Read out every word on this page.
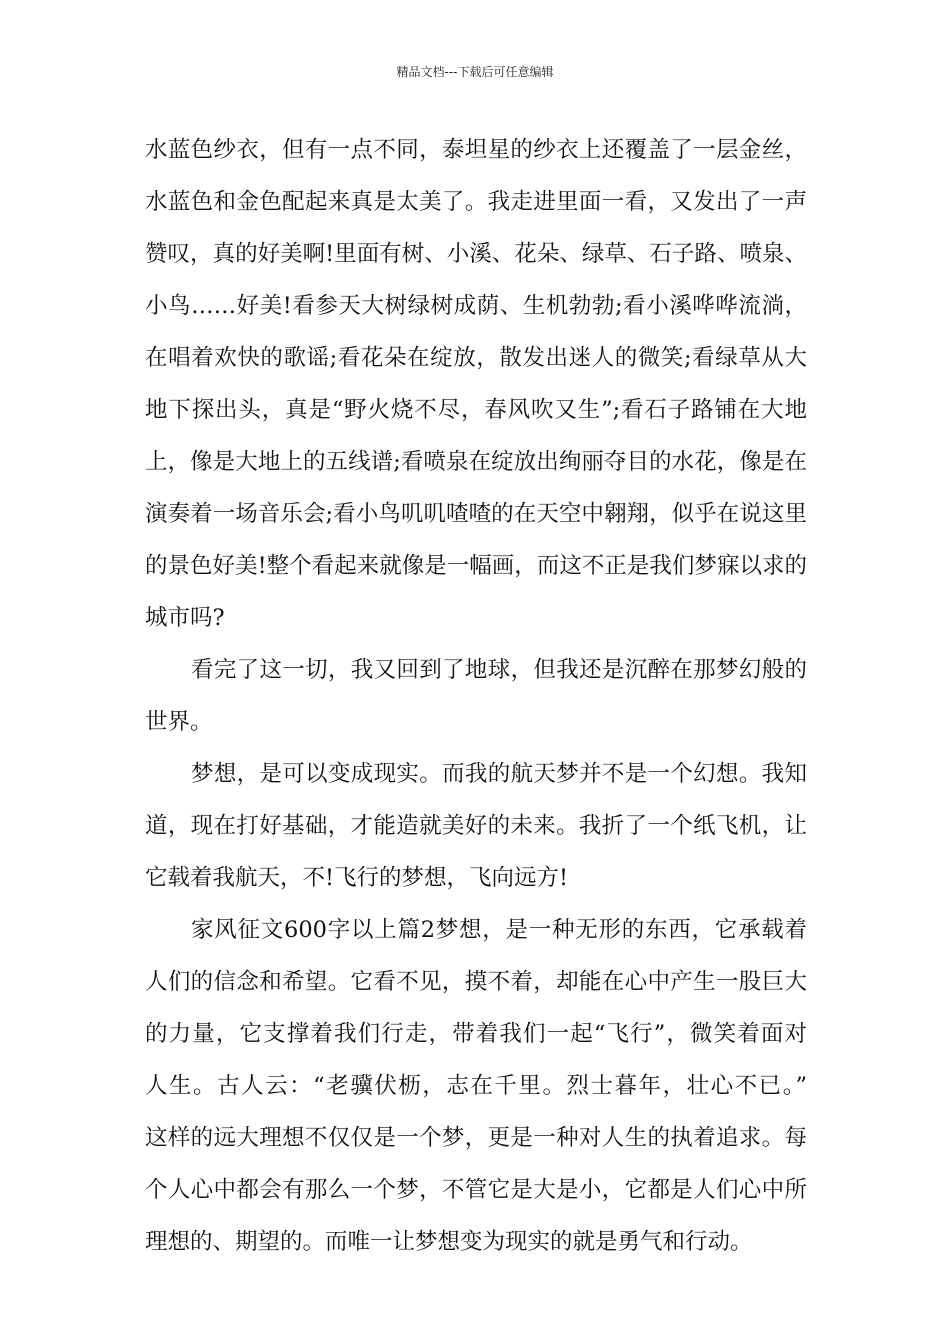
精品文档---下载后可任意编辑
水蓝色纱衣，但有一点不同，泰坦星的纱衣上还覆盖了一层金丝，
水蓝色和金色配起来真是太美了。我走进里面一看，又发出了一声
赞叹，真的好美啊!里面有树、小溪、花朵、绿草、石子路、喷泉、
小鸟……好美!看参天大树绿树成荫、生机勃勃;看小溪哗哗流淌，
在唱着欢快的歌谣;看花朵在绽放，散发出迷人的微笑;看绿草从大
地下探出头，真是“野火烧不尽，春风吹又生”;看石子路铺在大地
上，像是大地上的五线谱;看喷泉在绽放出绚丽夺目的水花，像是在
演奏着一场音乐会;看小鸟叽叽喳喳的在天空中翱翔，似乎在说这里
的景色好美!整个看起来就像是一幅画，而这不正是我们梦寐以求的
城市吗?
看完了这一切，我又回到了地球，但我还是沉醉在那梦幻般的
世界。
梦想，是可以变成现实。而我的航天梦并不是一个幻想。我知
道，现在打好基础，才能造就美好的未来。我折了一个纸飞机，让
它载着我航天，不!飞行的梦想，飞向远方!
家风征文600字以上篇2梦想，是一种无形的东西，它承载着
人们的信念和希望。它看不见，摸不着，却能在心中产生一股巨大
的力量，它支撑着我们行走，带着我们一起“飞行”，微笑着面对
人生。古人云：“老骥伏枥，志在千里。烈士暮年，壮心不已。”
这样的远大理想不仅仅是一个梦，更是一种对人生的执着追求。每
个人心中都会有那么一个梦，不管它是大是小，它都是人们心中所
理想的、期望的。而唯一让梦想变为现实的就是勇气和行动。
